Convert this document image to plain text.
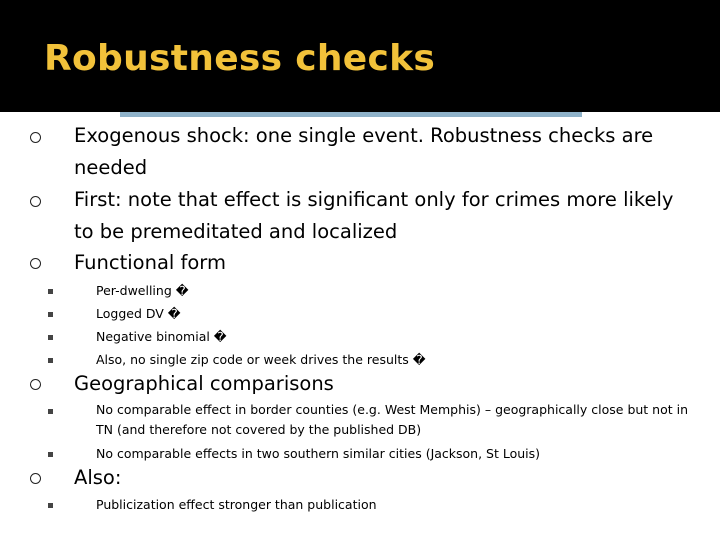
Robustness checks
Exogenous shock: one single event. Robustness checks are needed
First: note that effect is significant only for crimes more likely to be premeditated and localized
Functional form
Per-dwelling �
Logged DV �
Negative binomial �
Also, no single zip code or week drives the results �
Geographical comparisons
No comparable effect in border counties (e.g. West Memphis) – geographically close but not in TN (and therefore not covered by the published DB)
No comparable effects in two southern similar cities (Jackson, St Louis)
Also:
Publicization effect stronger than publication
